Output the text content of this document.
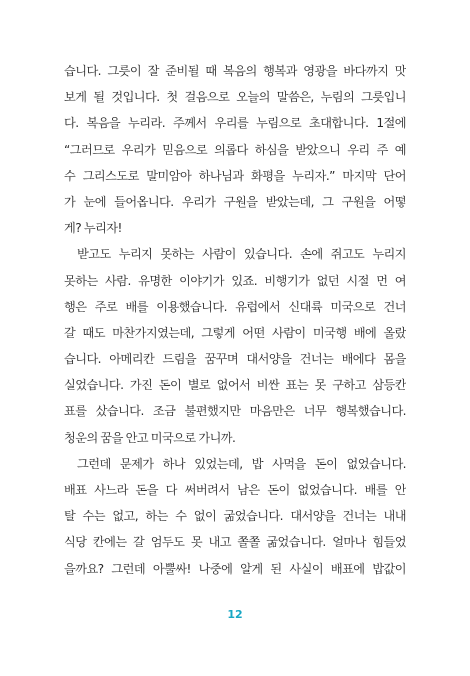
습니다. 그릇이 잘 준비될 때 복음의 행복과 영광을 바다까지 맛
보게 될 것입니다. 첫 걸음으로 오늘의 말씀은, 누림의 그릇입니
다. 복음을 누리라. 주께서 우리를 누림으로 초대합니다. 1절에
“그러므로 우리가 믿음으로 의롭다 하심을 받았으니 우리 주 예
수 그리스도로 말미암아 하나님과 화평을 누리자.” 마지막 단어
가 눈에 들어옵니다. 우리가 구원을 받았는데, 그 구원을 어떻
게? 누리자!
받고도 누리지 못하는 사람이 있습니다. 손에 쥐고도 누리지
못하는 사람. 유명한 이야기가 있죠. 비행기가 없던 시절 먼 여
행은 주로 배를 이용했습니다. 유럽에서 신대륙 미국으로 건너
갈 때도 마찬가지였는데, 그렇게 어떤 사람이 미국행 배에 올랐
습니다. 아메리칸 드림을 꿈꾸며 대서양을 건너는 배에다 몸을
실었습니다. 가진 돈이 별로 없어서 비싼 표는 못 구하고 삼등칸
표를 샀습니다. 조금 불편했지만 마음만은 너무 행복했습니다.
청운의 꿈을 안고 미국으로 가니까.
그런데 문제가 하나 있었는데, 밥 사먹을 돈이 없었습니다.
배표 사느라 돈을 다 써버려서 남은 돈이 없었습니다. 배를 안
탈 수는 없고, 하는 수 없이 굶었습니다. 대서양을 건너는 내내
식당 칸에는 갈 엄두도 못 내고 쫄쫄 굶었습니다. 얼마나 힘들었
을까요? 그런데 아뿔싸! 나중에 알게 된 사실이 배표에 밥값이
12
